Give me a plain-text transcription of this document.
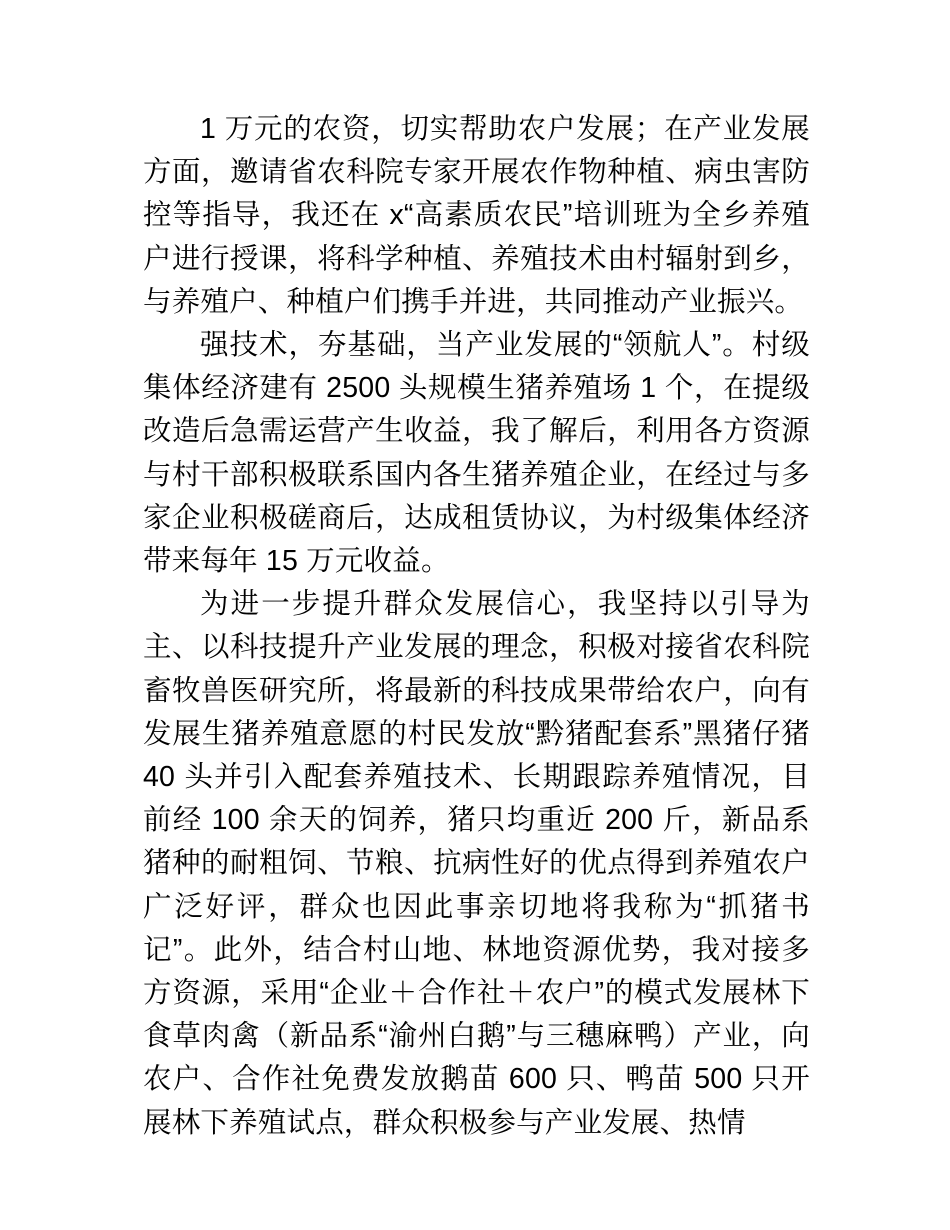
1 万元的农资，切实帮助农户发展；在产业发展方面，邀请省农科院专家开展农作物种植、病虫害防控等指导，我还在 x“高素质农民”培训班为全乡养殖户进行授课，将科学种植、养殖技术由村辐射到乡，与养殖户、种植户们携手并进，共同推动产业振兴。

强技术，夯基础，当产业发展的“领航人”。村级集体经济建有 2500 头规模生猪养殖场 1 个，在提级改造后急需运营产生收益，我了解后，利用各方资源与村干部积极联系国内各生猪养殖企业，在经过与多家企业积极磋商后，达成租赁协议，为村级集体经济带来每年 15 万元收益。

为进一步提升群众发展信心，我坚持以引导为主、以科技提升产业发展的理念，积极对接省农科院畜牧兽医研究所，将最新的科技成果带给农户，向有发展生猪养殖意愿的村民发放“黔猪配套系”黑猪仔猪 40 头并引入配套养殖技术、长期跟踪养殖情况，目前经 100 余天的饲养，猪只均重近 200 斤，新品系猪种的耐粗饲、节粮、抗病性好的优点得到养殖农户广泛好评，群众也因此事亲切地将我称为“抓猪书记”。此外，结合村山地、林地资源优势，我对接多方资源，采用“企业＋合作社＋农户”的模式发展林下食草肉禽（新品系“渝州白鹅”与三穗麻鸭）产业，向农户、合作社免费发放鹅苗 600 只、鸭苗 500 只开展林下养殖试点，群众积极参与产业发展、热情
